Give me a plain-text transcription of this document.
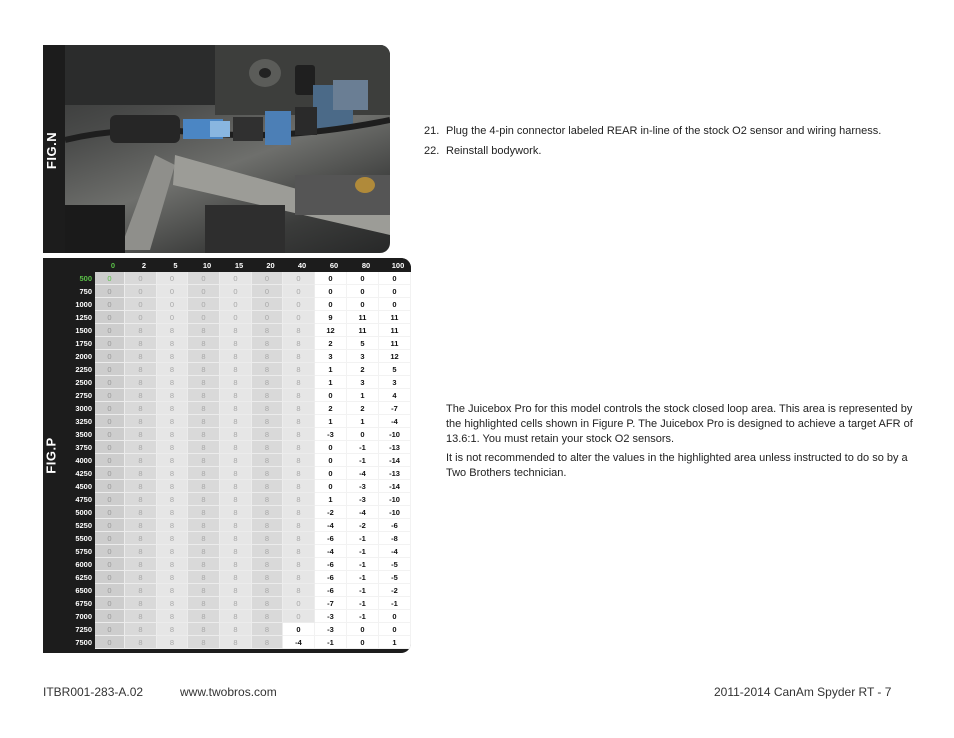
FIG.N
FIG.P
0	2	5	10	15	20	40	60	80	100
500	0	0	0	0	0	0	0	0	0	0
750	0	0	0	0	0	0	0	0	0	0
1000	0	0	0	0	0	0	0	0	0	0
1250	0	0	0	0	0	0	0	9	11	11
1500	0	8	8	8	8	8	8	12	11	11
1750	0	8	8	8	8	8	8	2	5	11
2000	0	8	8	8	8	8	8	3	3	12
2250	0	8	8	8	8	8	8	1	2	5
2500	0	8	8	8	8	8	8	1	3	3
2750	0	8	8	8	8	8	8	0	1	4
3000	0	8	8	8	8	8	8	2	2	-7
3250	0	8	8	8	8	8	8	1	1	-4
3500	0	8	8	8	8	8	8	-3	0	-10
3750	0	8	8	8	8	8	8	0	-1	-13
4000	0	8	8	8	8	8	8	0	-1	-14
4250	0	8	8	8	8	8	8	0	-4	-13
4500	0	8	8	8	8	8	8	0	-3	-14
4750	0	8	8	8	8	8	8	1	-3	-10
5000	0	8	8	8	8	8	8	-2	-4	-10
5250	0	8	8	8	8	8	8	-4	-2	-6
5500	0	8	8	8	8	8	8	-6	-1	-8
5750	0	8	8	8	8	8	8	-4	-1	-4
6000	0	8	8	8	8	8	8	-6	-1	-5
6250	0	8	8	8	8	8	8	-6	-1	-5
6500	0	8	8	8	8	8	8	-6	-1	-2
6750	0	8	8	8	8	8	0	-7	-1	-1
7000	0	8	8	8	8	8	0	-3	-1	0
7250	0	8	8	8	8	8	0	-3	0	0
7500	0	8	8	8	8	8	-4	-1	0	1
21. Plug the 4-pin connector labeled REAR in-line of the stock O2 sensor and wiring harness.
22. Reinstall bodywork.

The Juicebox Pro for this model controls the stock closed loop area. This area is represented by the highlighted cells shown in Figure P. The Juicebox Pro is designed to achieve a target AFR of 13.6:1. You must retain your stock O2 sensors.

It is not recommended to alter the values in the highlighted area unless instructed to do so by a Two Brothers technician.

ITBR001-283-A.02	www.twobros.com	2011-2014 CanAm Spyder RT - 7
